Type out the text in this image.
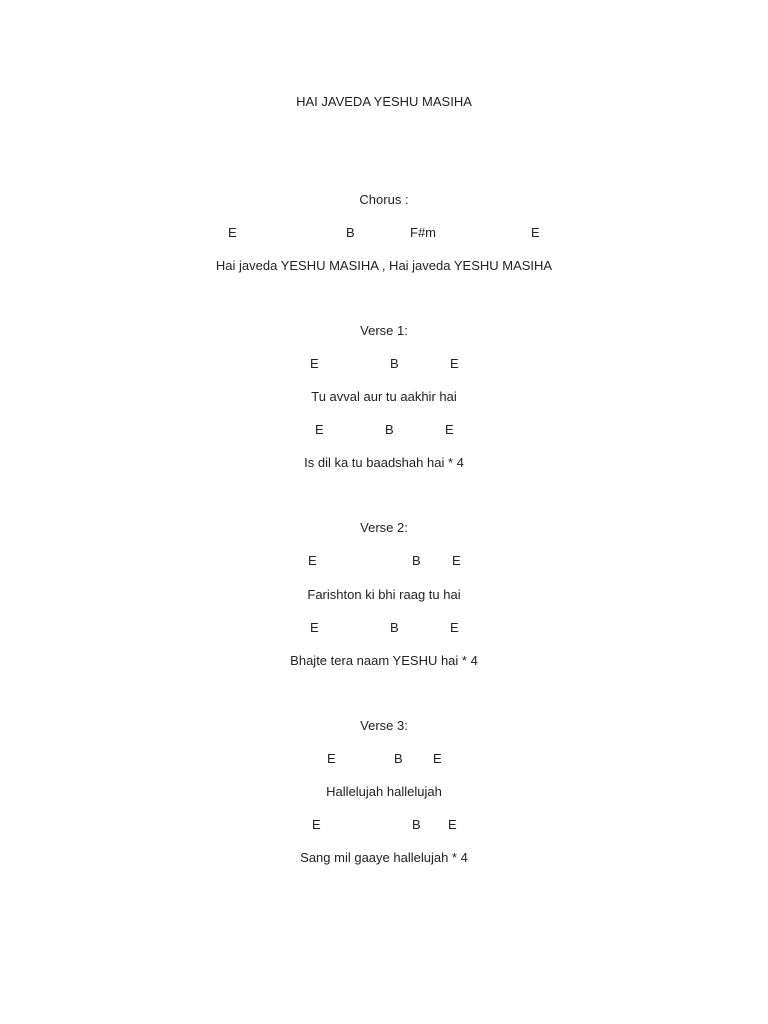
HAI JAVEDA YESHU MASIHA
Chorus :
E	B	F#m	E
Hai javeda YESHU MASIHA , Hai javeda YESHU MASIHA
Verse 1:
E	B	E
Tu avval aur tu aakhir hai
E	B	E
Is dil ka tu baadshah hai * 4
Verse 2:
E	B E
Farishton ki bhi raag tu hai
E	B	E
Bhajte tera naam YESHU hai * 4
Verse 3:
E	B E
Hallelujah hallelujah
E	B E
Sang mil gaaye hallelujah * 4
